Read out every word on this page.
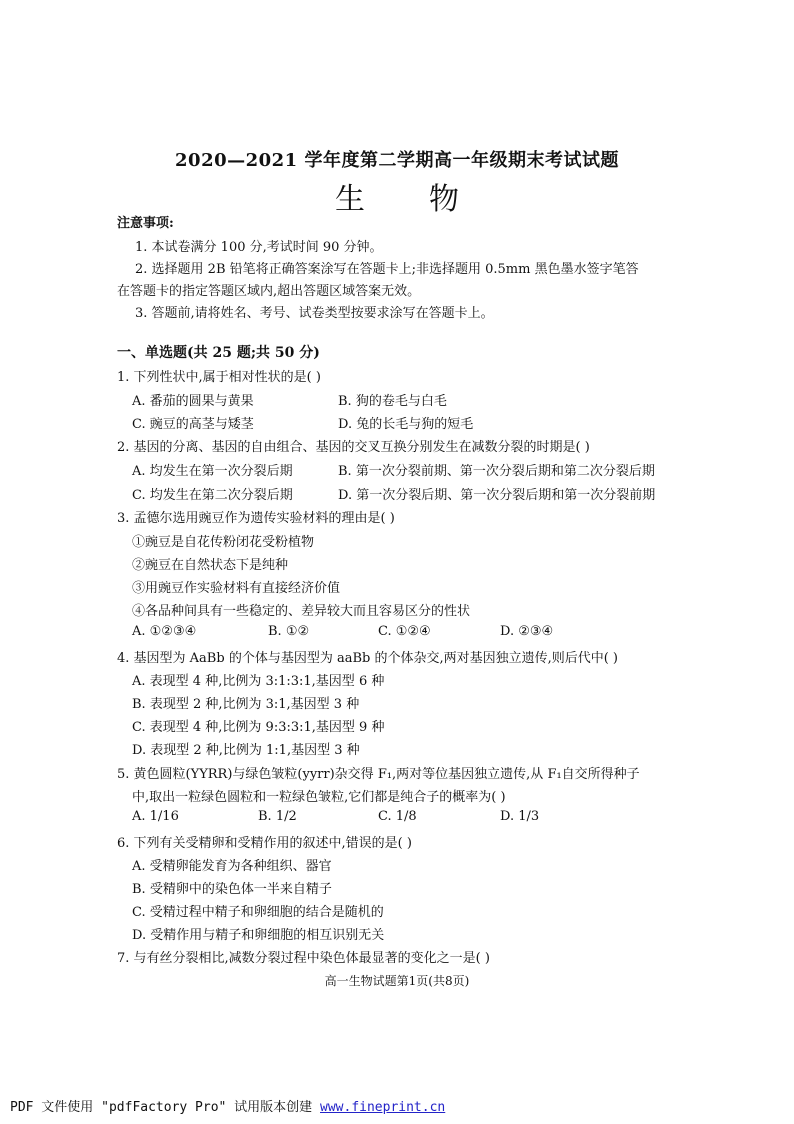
2020—2021 学年度第二学期高一年级期末考试试题
生 物
注意事项:
1. 本试卷满分 100 分,考试时间 90 分钟。
2. 选择题用 2B 铅笔将正确答案涂写在答题卡上;非选择题用 0.5mm 黑色墨水签字笔答
在答题卡的指定答题区域内,超出答题区域答案无效。
3. 答题前,请将姓名、考号、试卷类型按要求涂写在答题卡上。
一、单选题(共 25 题;共 50 分)
1. 下列性状中,属于相对性状的是( )
A. 番茄的圆果与黄果	B. 狗的卷毛与白毛
C. 豌豆的高茎与矮茎	D. 兔的长毛与狗的短毛
2. 基因的分离、基因的自由组合、基因的交叉互换分别发生在减数分裂的时期是( )
A. 均发生在第一次分裂后期	B. 第一次分裂前期、第一次分裂后期和第二次分裂后期
C. 均发生在第二次分裂后期	D. 第一次分裂后期、第一次分裂后期和第一次分裂前期
3. 孟德尔选用豌豆作为遗传实验材料的理由是( )
①豌豆是自花传粉闭花受粉植物
②豌豆在自然状态下是纯种
③用豌豆作实验材料有直接经济价值
④各品种间具有一些稳定的、差异较大而且容易区分的性状
A. ①②③④	B. ①②	C. ①②④	D. ②③④
4. 基因型为 AaBb 的个体与基因型为 aaBb 的个体杂交,两对基因独立遗传,则后代中( )
A. 表现型 4 种,比例为 3:1:3:1,基因型 6 种
B. 表现型 2 种,比例为 3:1,基因型 3 种
C. 表现型 4 种,比例为 9:3:3:1,基因型 9 种
D. 表现型 2 种,比例为 1:1,基因型 3 种
5. 黄色圆粒(YYRR)与绿色皱粒(yyrr)杂交得 F₁,两对等位基因独立遗传,从 F₁自交所得种子
中,取出一粒绿色圆粒和一粒绿色皱粒,它们都是纯合子的概率为( )
A. 1/16	B. 1/2	C. 1/8	D. 1/3
6. 下列有关受精卵和受精作用的叙述中,错误的是( )
A. 受精卵能发育为各种组织、器官
B. 受精卵中的染色体一半来自精子
C. 受精过程中精子和卵细胞的结合是随机的
D. 受精作用与精子和卵细胞的相互识别无关
7. 与有丝分裂相比,减数分裂过程中染色体最显著的变化之一是( )
高一生物试题第1页(共8页)
PDF 文件使用 "pdfFactory Pro" 试用版本创建 www.fineprint.cn
